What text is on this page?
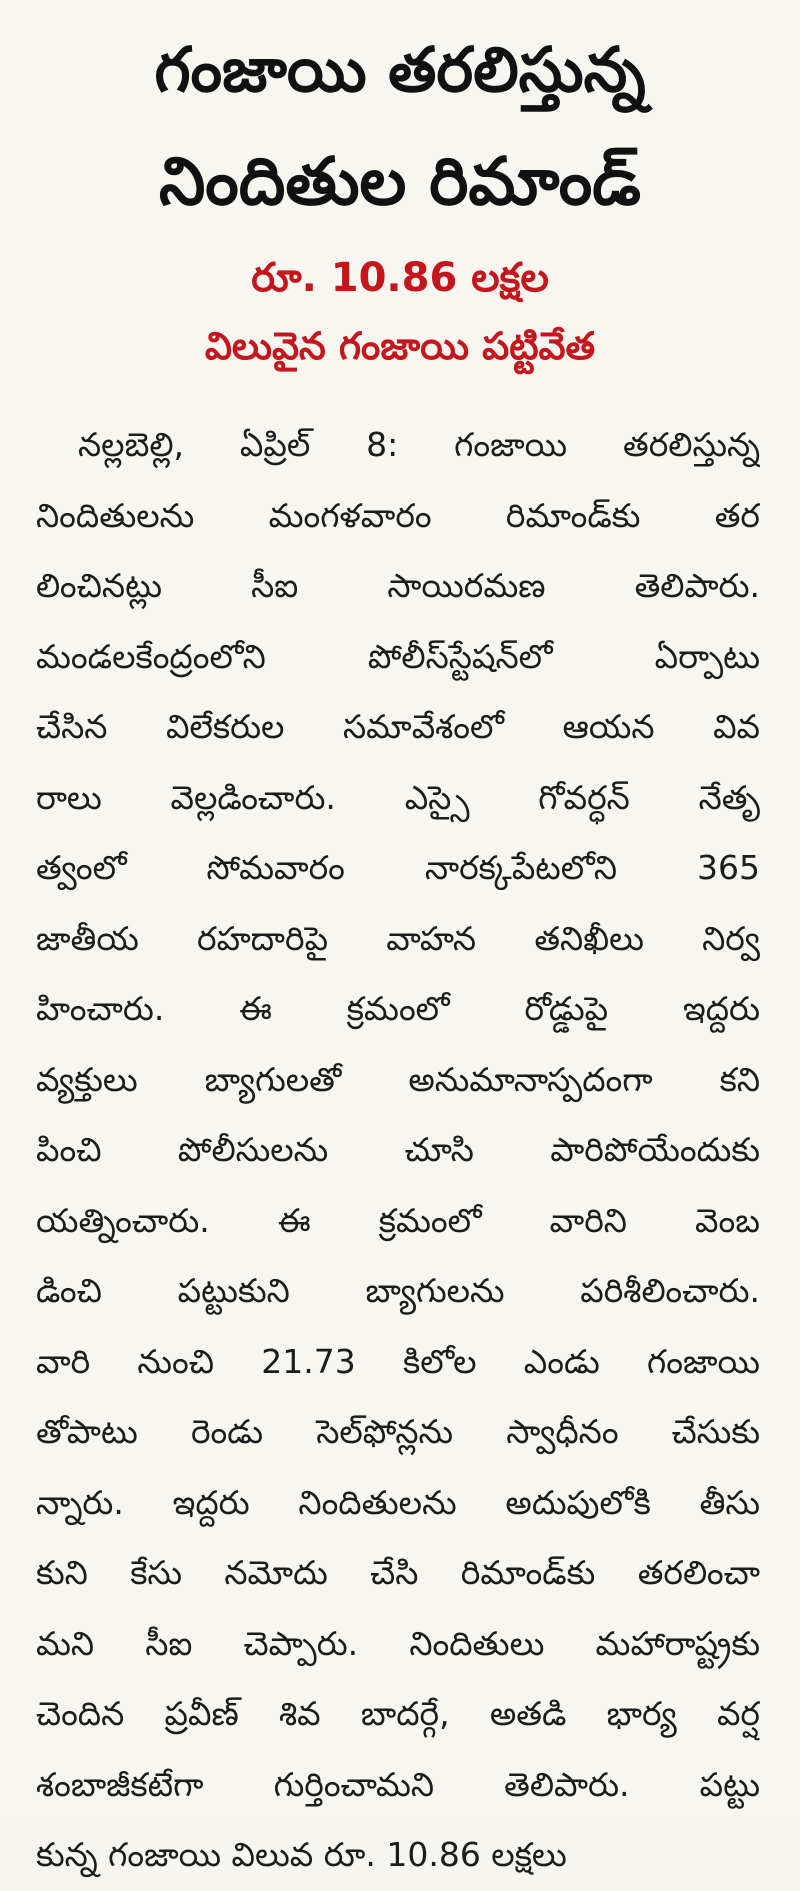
గంజాయి తరలిస్తున్న
నిందితుల రిమాండ్
రూ. 10.86 లక్షల
విలువైన గంజాయి పట్టివేత
నల్లబెల్లి, ఏప్రిల్ 8: గంజాయి తరలిస్తున్న
నిందితులను మంగళవారం రిమాండ్‌కు తర
లించినట్లు సీఐ సాయిరమణ తెలిపారు.
మండలకేంద్రంలోని పోలీస్‌స్టేషన్‌లో ఏర్పాటు
చేసిన విలేకరుల సమావేశంలో ఆయన వివ
రాలు వెల్లడించారు. ఎస్సై గోవర్ధన్ నేతృ
త్వంలో సోమవారం నారక్కపేటలోని 365
జాతీయ రహదారిపై వాహన తనిఖీలు నిర్వ
హించారు. ఈ క్రమంలో రోడ్డుపై ఇద్దరు
వ్యక్తులు బ్యాగులతో అనుమానాస్పదంగా కని
పించి పోలీసులను చూసి పారిపోయేందుకు
యత్నించారు. ఈ క్రమంలో వారిని వెంబ
డించి పట్టుకుని బ్యాగులను పరిశీలించారు.
వారి నుంచి 21.73 కిలోల ఎండు గంజాయి
తోపాటు రెండు సెల్‌ఫోన్లను స్వాధీనం చేసుకు
న్నారు. ఇద్దరు నిందితులను అదుపులోకి తీసు
కుని కేసు నమోదు చేసి రిమాండ్‌కు తరలించా
మని సీఐ చెప్పారు. నిందితులు మహారాష్ట్రకు
చెందిన ప్రవీణ్ శివ బాదర్గే, అతడి భార్య వర్ష
శంబాజీకటేగా గుర్తించామని తెలిపారు. పట్టు
కున్న గంజాయి విలువ రూ. 10.86 లక్షలు
